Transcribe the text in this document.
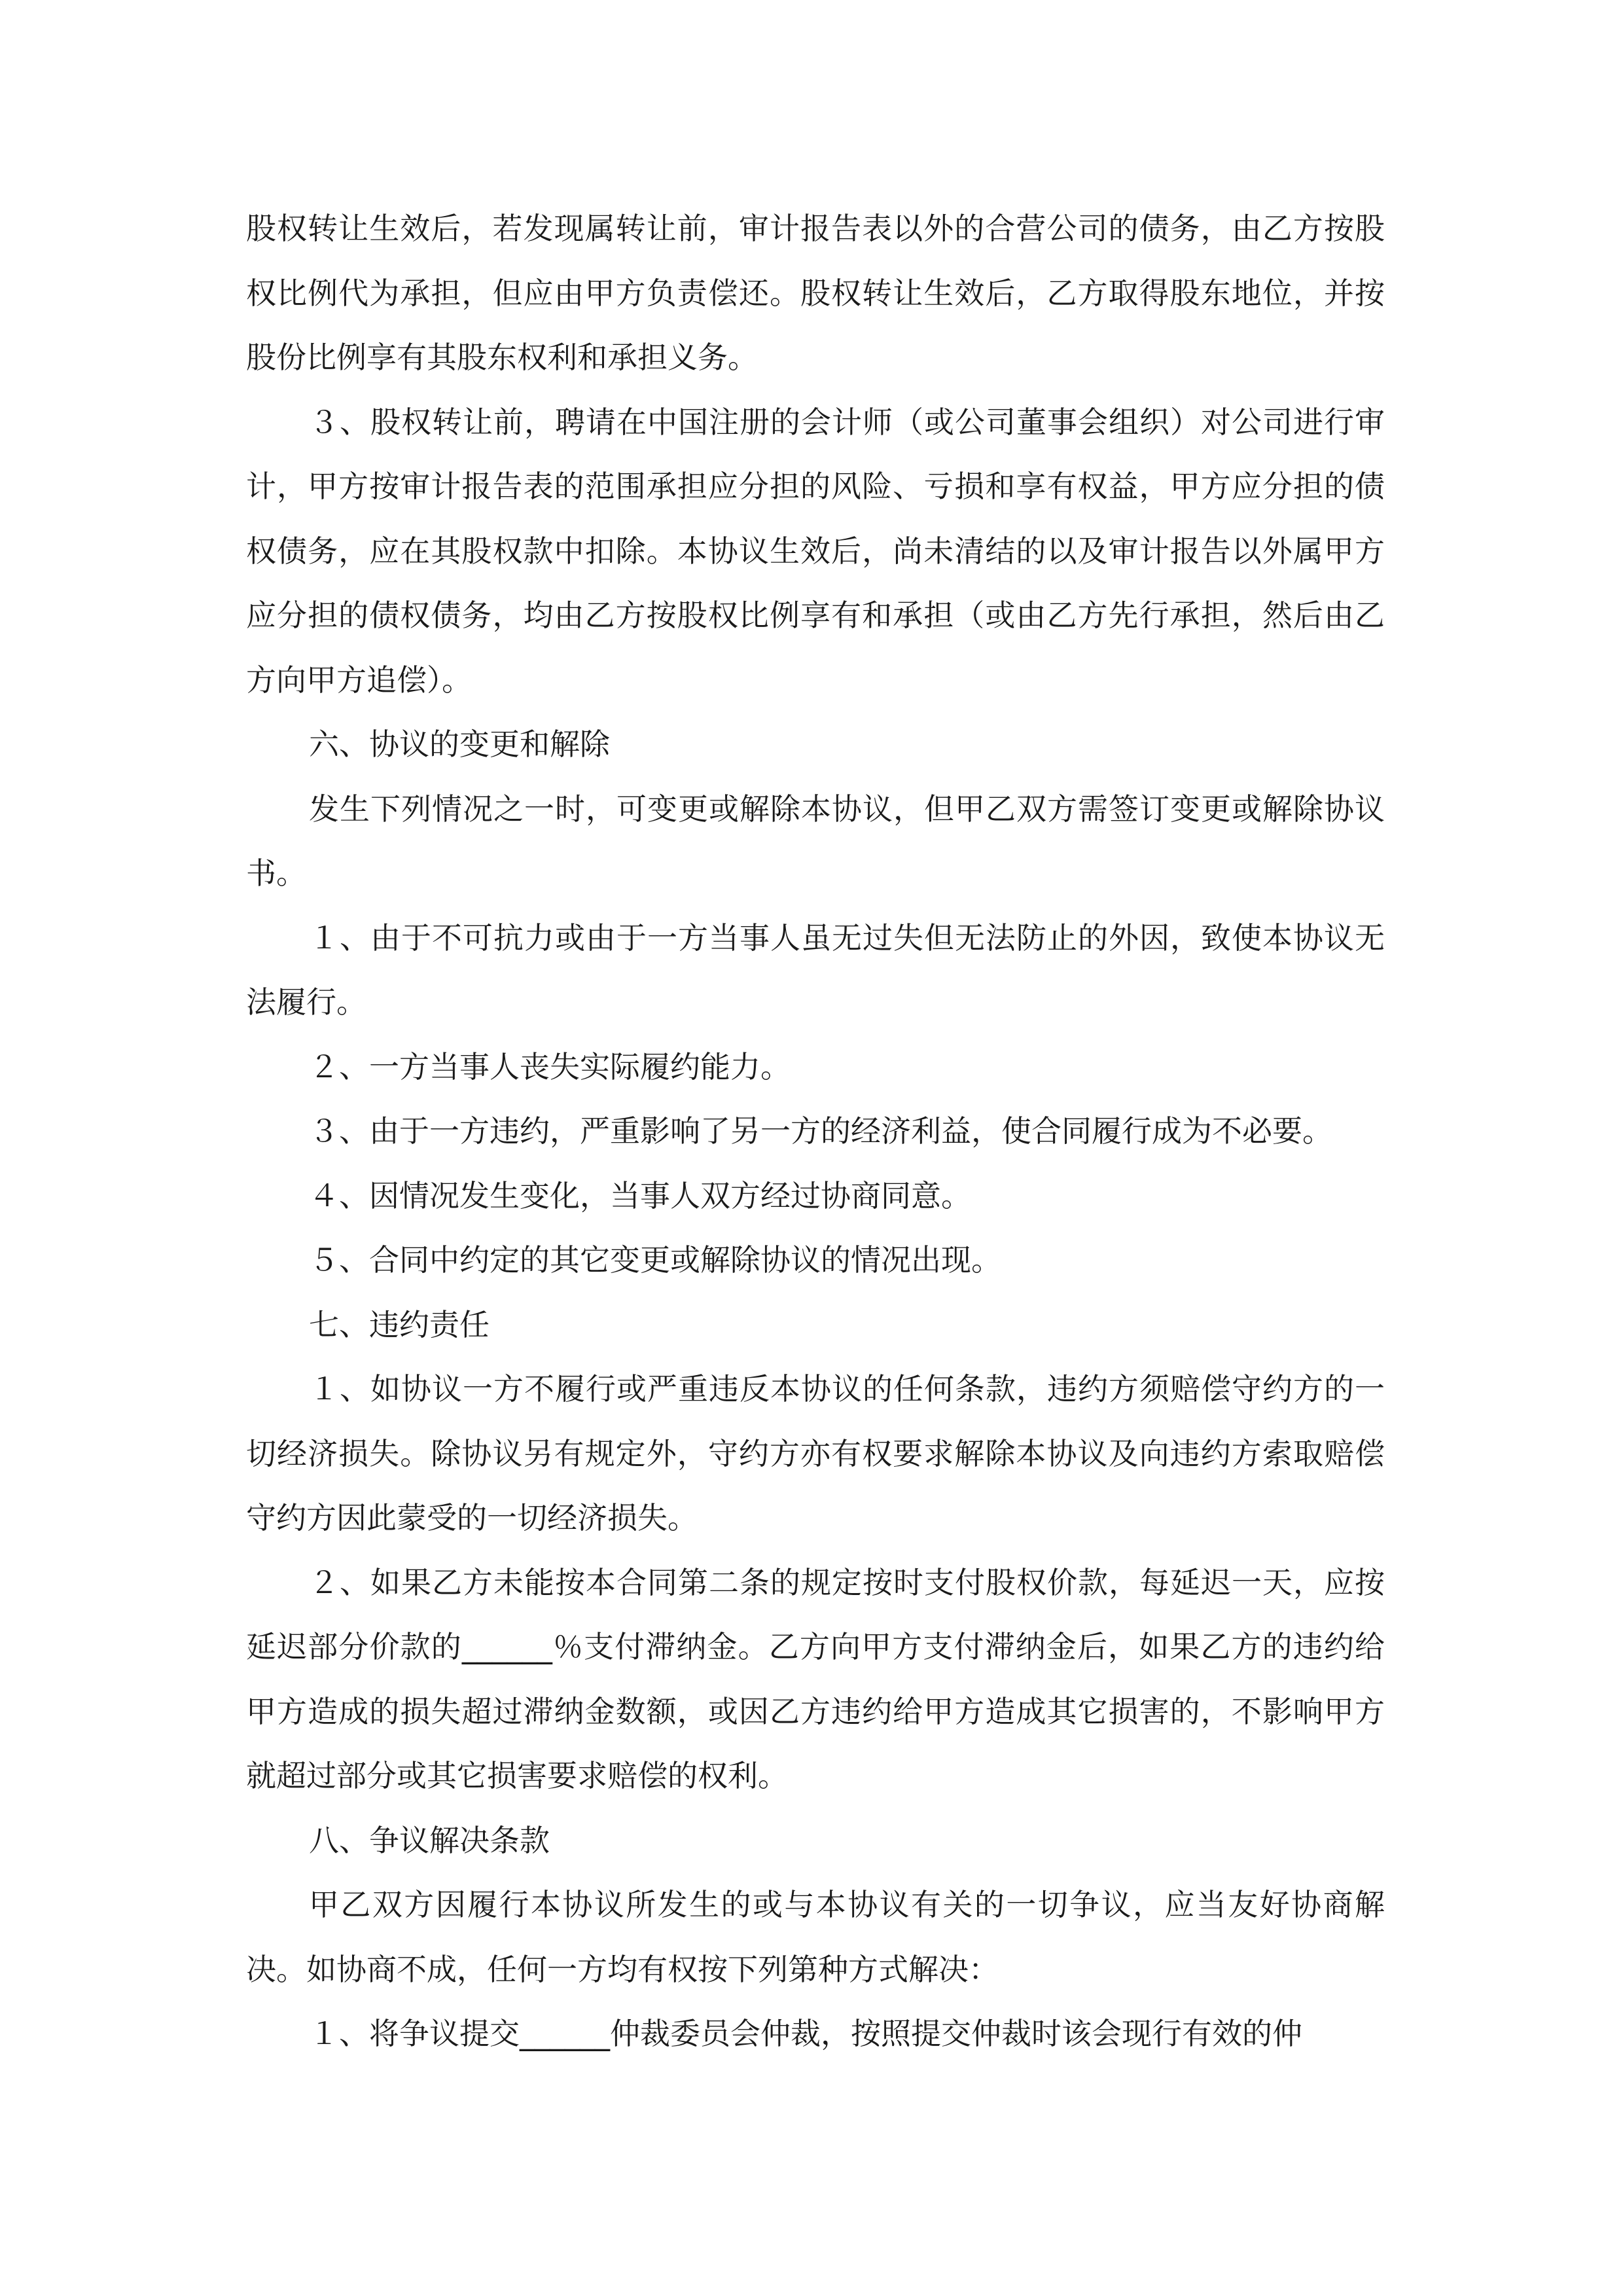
股权转让生效后，若发现属转让前，审计报告表以外的合营公司的债务，由乙方按股权比例代为承担，但应由甲方负责偿还。股权转让生效后，乙方取得股东地位，并按股份比例享有其股东权利和承担义务。

３、股权转让前，聘请在中国注册的会计师（或公司董事会组织）对公司进行审计，甲方按审计报告表的范围承担应分担的风险、亏损和享有权益，甲方应分担的债权债务，应在其股权款中扣除。本协议生效后，尚未清结的以及审计报告以外属甲方应分担的债权债务，均由乙方按股权比例享有和承担（或由乙方先行承担，然后由乙方向甲方追偿）。

六、协议的变更和解除

发生下列情况之一时，可变更或解除本协议，但甲乙双方需签订变更或解除协议书。

１、由于不可抗力或由于一方当事人虽无过失但无法防止的外因，致使本协议无法履行。

２、一方当事人丧失实际履约能力。

３、由于一方违约，严重影响了另一方的经济利益，使合同履行成为不必要。

４、因情况发生变化，当事人双方经过协商同意。

５、合同中约定的其它变更或解除协议的情况出现。

七、违约责任

１、如协议一方不履行或严重违反本协议的任何条款，违约方须赔偿守约方的一切经济损失。除协议另有规定外，守约方亦有权要求解除本协议及向违约方索取赔偿守约方因此蒙受的一切经济损失。

２、如果乙方未能按本合同第二条的规定按时支付股权价款，每延迟一天，应按延迟部分价款的______％支付滞纳金。乙方向甲方支付滞纳金后，如果乙方的违约给甲方造成的损失超过滞纳金数额，或因乙方违约给甲方造成其它损害的，不影响甲方就超过部分或其它损害要求赔偿的权利。

八、争议解决条款

甲乙双方因履行本协议所发生的或与本协议有关的一切争议，应当友好协商解决。如协商不成，任何一方均有权按下列第种方式解决：

１、将争议提交______仲裁委员会仲裁，按照提交仲裁时该会现行有效的仲
